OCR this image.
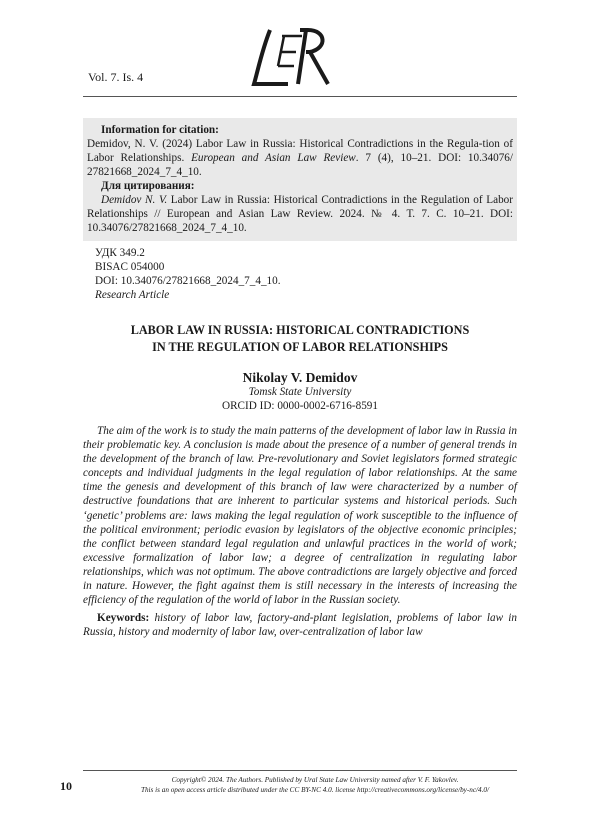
Vol. 7. Is. 4
LEAR
Information for citation:
Demidov, N. V. (2024) Labor Law in Russia: Historical Contradictions in the Regula-tion of Labor Relationships. European and Asian Law Review. 7 (4), 10–21. DOI: 10.34076/ 27821668_2024_7_4_10.
Для цитирования:
Demidov N. V. Labor Law in Russia: Historical Contradictions in the Regulation of Labor Relationships // European and Asian Law Review. 2024. № 4. Т. 7. С. 10–21. DOI: 10.34076/27821668_2024_7_4_10.
УДК 349.2
BISAC 054000
DOI: 10.34076/27821668_2024_7_4_10.
Research Article
LABOR LAW IN RUSSIA: HISTORICAL CONTRADICTIONS
IN THE REGULATION OF LABOR RELATIONSHIPS
Nikolay V. Demidov
Tomsk State University
ORCID ID: 0000-0002-6716-8591

The aim of the work is to study the main patterns of the development of labor law in Russia in their problematic key. A conclusion is made about the presence of a number of general trends in the development of the branch of law. Pre-revolutionary and Soviet legislators formed strategic concepts and individual judgments in the legal regulation of labor relationships. At the same time the genesis and development of this branch of law were characterized by a number of destructive foundations that are inherent to particular systems and historical periods. Such ‘genetic’ problems are: laws making the legal regulation of work susceptible to the influence of the political environment; periodic evasion by legislators of the objective economic principles; the conflict between standard legal regulation and unlawful practices in the world of work; excessive formalization of labor law; a degree of centralization in regulating labor relationships, which was not optimum. The above contradictions are largely objective and forced in nature. However, the fight against them is still necessary in the interests of increasing the efficiency of the regulation of the world of labor in the Russian society.

Keywords: history of labor law, factory-and-plant legislation, problems of labor law in Russia, history and modernity of labor law, over-centralization of labor law

10	Copyright© 2024. The Authors. Published by Ural State Law University named after V. F. Yakovlev.
This is an open access article distributed under the CC BY-NC 4.0. license http://creativecommons.org/license/by-nc/4.0/
